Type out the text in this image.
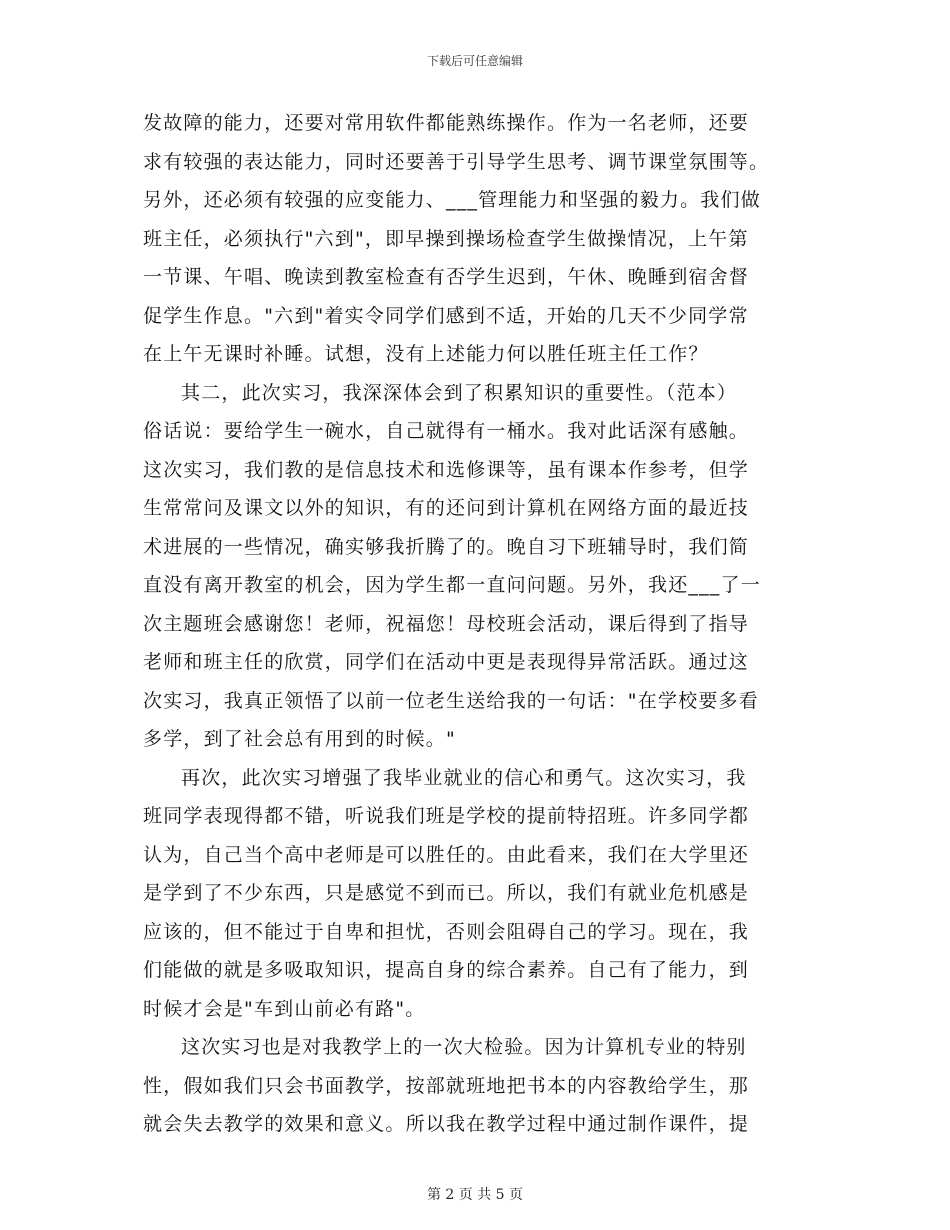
下载后可任意编辑
发故障的能力，还要对常用软件都能熟练操作。作为一名老师，还要
求有较强的表达能力，同时还要善于引导学生思考、调节课堂氛围等。
另外，还必须有较强的应变能力、___管理能力和坚强的毅力。我们做
班主任，必须执行"六到"，即早操到操场检查学生做操情况，上午第
一节课、午唱、晚读到教室检查有否学生迟到，午休、晚睡到宿舍督
促学生作息。"六到"着实令同学们感到不适，开始的几天不少同学常
在上午无课时补睡。试想，没有上述能力何以胜任班主任工作？
其二，此次实习，我深深体会到了积累知识的重要性。（范本）
俗话说：要给学生一碗水，自己就得有一桶水。我对此话深有感触。
这次实习，我们教的是信息技术和选修课等，虽有课本作参考，但学
生常常问及课文以外的知识，有的还问到计算机在网络方面的最近技
术进展的一些情况，确实够我折腾了的。晚自习下班辅导时，我们简
直没有离开教室的机会，因为学生都一直问问题。另外，我还___了一
次主题班会感谢您！老师，祝福您！母校班会活动，课后得到了指导
老师和班主任的欣赏，同学们在活动中更是表现得异常活跃。通过这
次实习，我真正领悟了以前一位老生送给我的一句话："在学校要多看
多学，到了社会总有用到的时候。"
再次，此次实习增强了我毕业就业的信心和勇气。这次实习，我
班同学表现得都不错，听说我们班是学校的提前特招班。许多同学都
认为，自己当个高中老师是可以胜任的。由此看来，我们在大学里还
是学到了不少东西，只是感觉不到而已。所以，我们有就业危机感是
应该的，但不能过于自卑和担忧，否则会阻碍自己的学习。现在，我
们能做的就是多吸取知识，提高自身的综合素养。自己有了能力，到
时候才会是"车到山前必有路"。
这次实习也是对我教学上的一次大检验。因为计算机专业的特别
性，假如我们只会书面教学，按部就班地把书本的内容教给学生，那
就会失去教学的效果和意义。所以我在教学过程中通过制作课件，提
第 2 页 共 5 页
